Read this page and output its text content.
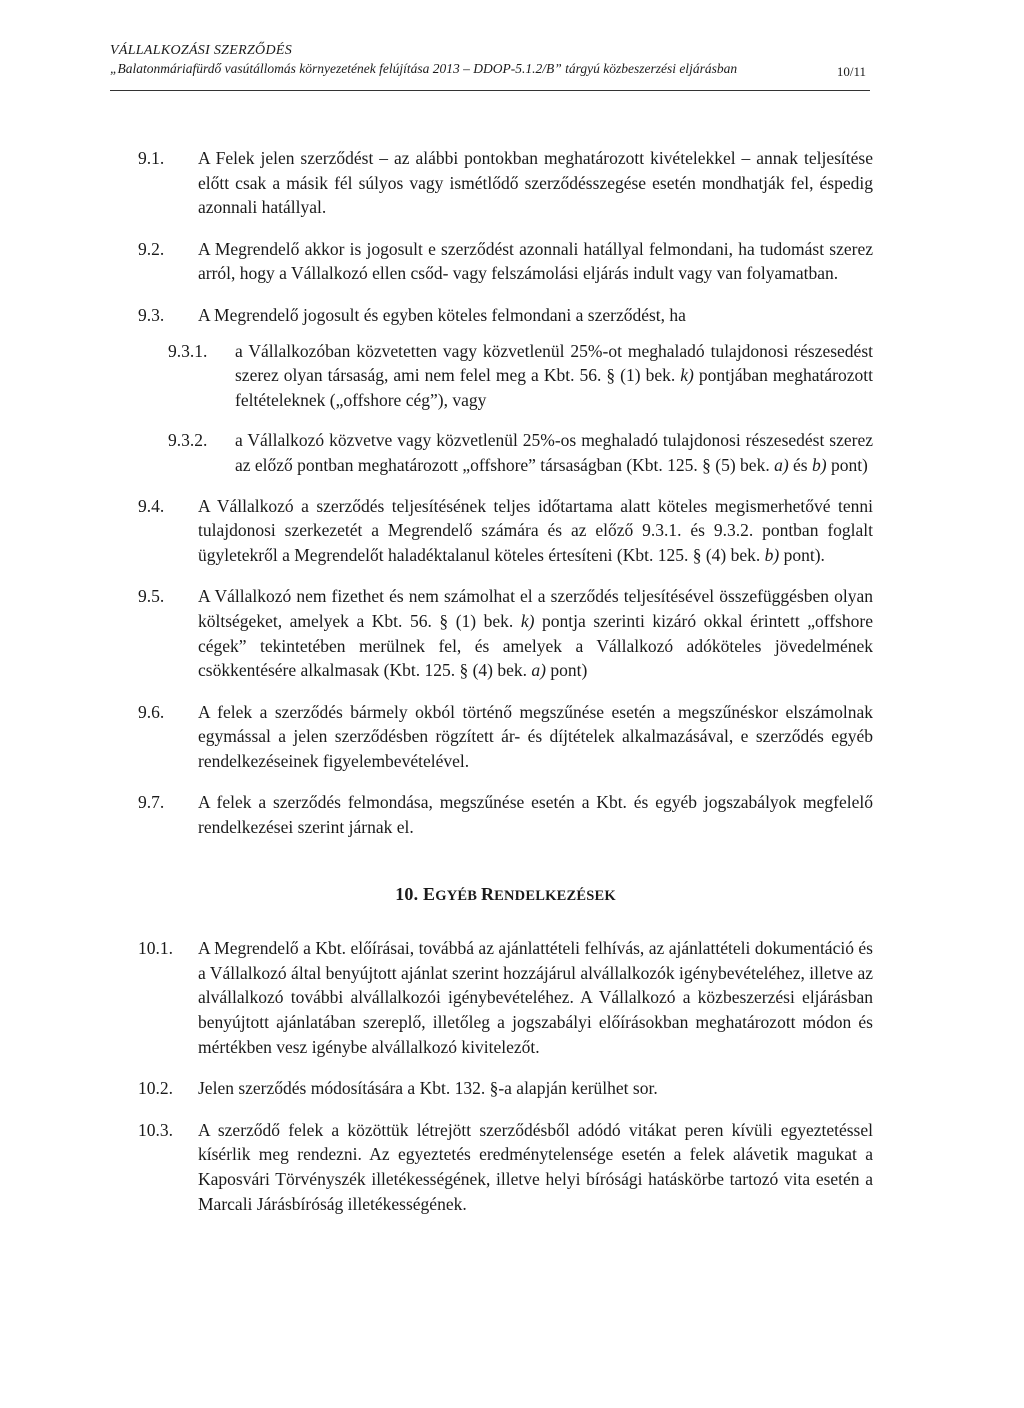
VÁLLALKOZÁSI SZERZŐDÉS
„Balatonmáriafürdő vasútállomás környezetének felújítása 2013 – DDOP-5.1.2/B” tárgyú közbeszerzési eljárásban	10/11
9.1. A Felek jelen szerződést – az alábbi pontokban meghatározott kivételekkel – annak teljesítése előtt csak a másik fél súlyos vagy ismétlődő szerződésszegése esetén mondhatják fel, éspedig azonnali hatállyal.
9.2. A Megrendelő akkor is jogosult e szerződést azonnali hatállyal felmondani, ha tudomást szerez arról, hogy a Vállalkozó ellen csőd- vagy felszámolási eljárás indult vagy van folyamatban.
9.3. A Megrendelő jogosult és egyben köteles felmondani a szerződést, ha
9.3.1. a Vállalkozóban közvetetten vagy közvetlenül 25%-ot meghaladó tulajdonosi részesedést szerez olyan társaság, ami nem felel meg a Kbt. 56. § (1) bek. k) pontjában meghatározott feltételeknek („offshore cég”), vagy
9.3.2. a Vállalkozó közvetve vagy közvetlenül 25%-os meghaladó tulajdonosi részesedést szerez az előző pontban meghatározott „offshore” társaságban (Kbt. 125. § (5) bek. a) és b) pont)
9.4. A Vállalkozó a szerződés teljesítésének teljes időtartama alatt köteles megismerhetővé tenni tulajdonosi szerkezetét a Megrendelő számára és az előző 9.3.1. és 9.3.2. pontban foglalt ügyletekről a Megrendelőt haladéktalanul köteles értesíteni (Kbt. 125. § (4) bek. b) pont).
9.5. A Vállalkozó nem fizethet és nem számolhat el a szerződés teljesítésével összefüggésben olyan költségeket, amelyek a Kbt. 56. § (1) bek. k) pontja szerinti kizáró okkal érintett „offshore cégek” tekintetében merülnek fel, és amelyek a Vállalkozó adóköteles jövedelmének csökkentésére alkalmasak (Kbt. 125. § (4) bek. a) pont)
9.6. A felek a szerződés bármely okból történő megszűnése esetén a megszűnéskor elszámolnak egymással a jelen szerződésben rögzített ár- és díjtételek alkalmazásával, e szerződés egyéb rendelkezéseinek figyelembevételével.
9.7. A felek a szerződés felmondása, megszűnése esetén a Kbt. és egyéb jogszabályok megfelelő rendelkezései szerint járnak el.
10. EGYÉB RENDELKEZÉSEK
10.1. A Megrendelő a Kbt. előírásai, továbbá az ajánlattételi felhívás, az ajánlattételi dokumentáció és a Vállalkozó által benyújtott ajánlat szerint hozzájárul alvállalkozók igénybevételéhez, illetve az alvállalkozó további alvállalkozói igénybevételéhez. A Vállalkozó a közbeszerzési eljárásban benyújtott ajánlatában szereplő, illetőleg a jogszabályi előírásokban meghatározott módon és mértékben vesz igénybe alvállalkozó kivitelezőt.
10.2. Jelen szerződés módosítására a Kbt. 132. §-a alapján kerülhet sor.
10.3. A szerződő felek a közöttük létrejött szerződésből adódó vitákat peren kívüli egyeztetéssel kísérlik meg rendezni. Az egyeztetés eredménytelensége esetén a felek alávetik magukat a Kaposvári Törvényszék illetékességének, illetve helyi bírósági hatáskörbe tartozó vita esetén a Marcali Járásbíróság illetékességének.
